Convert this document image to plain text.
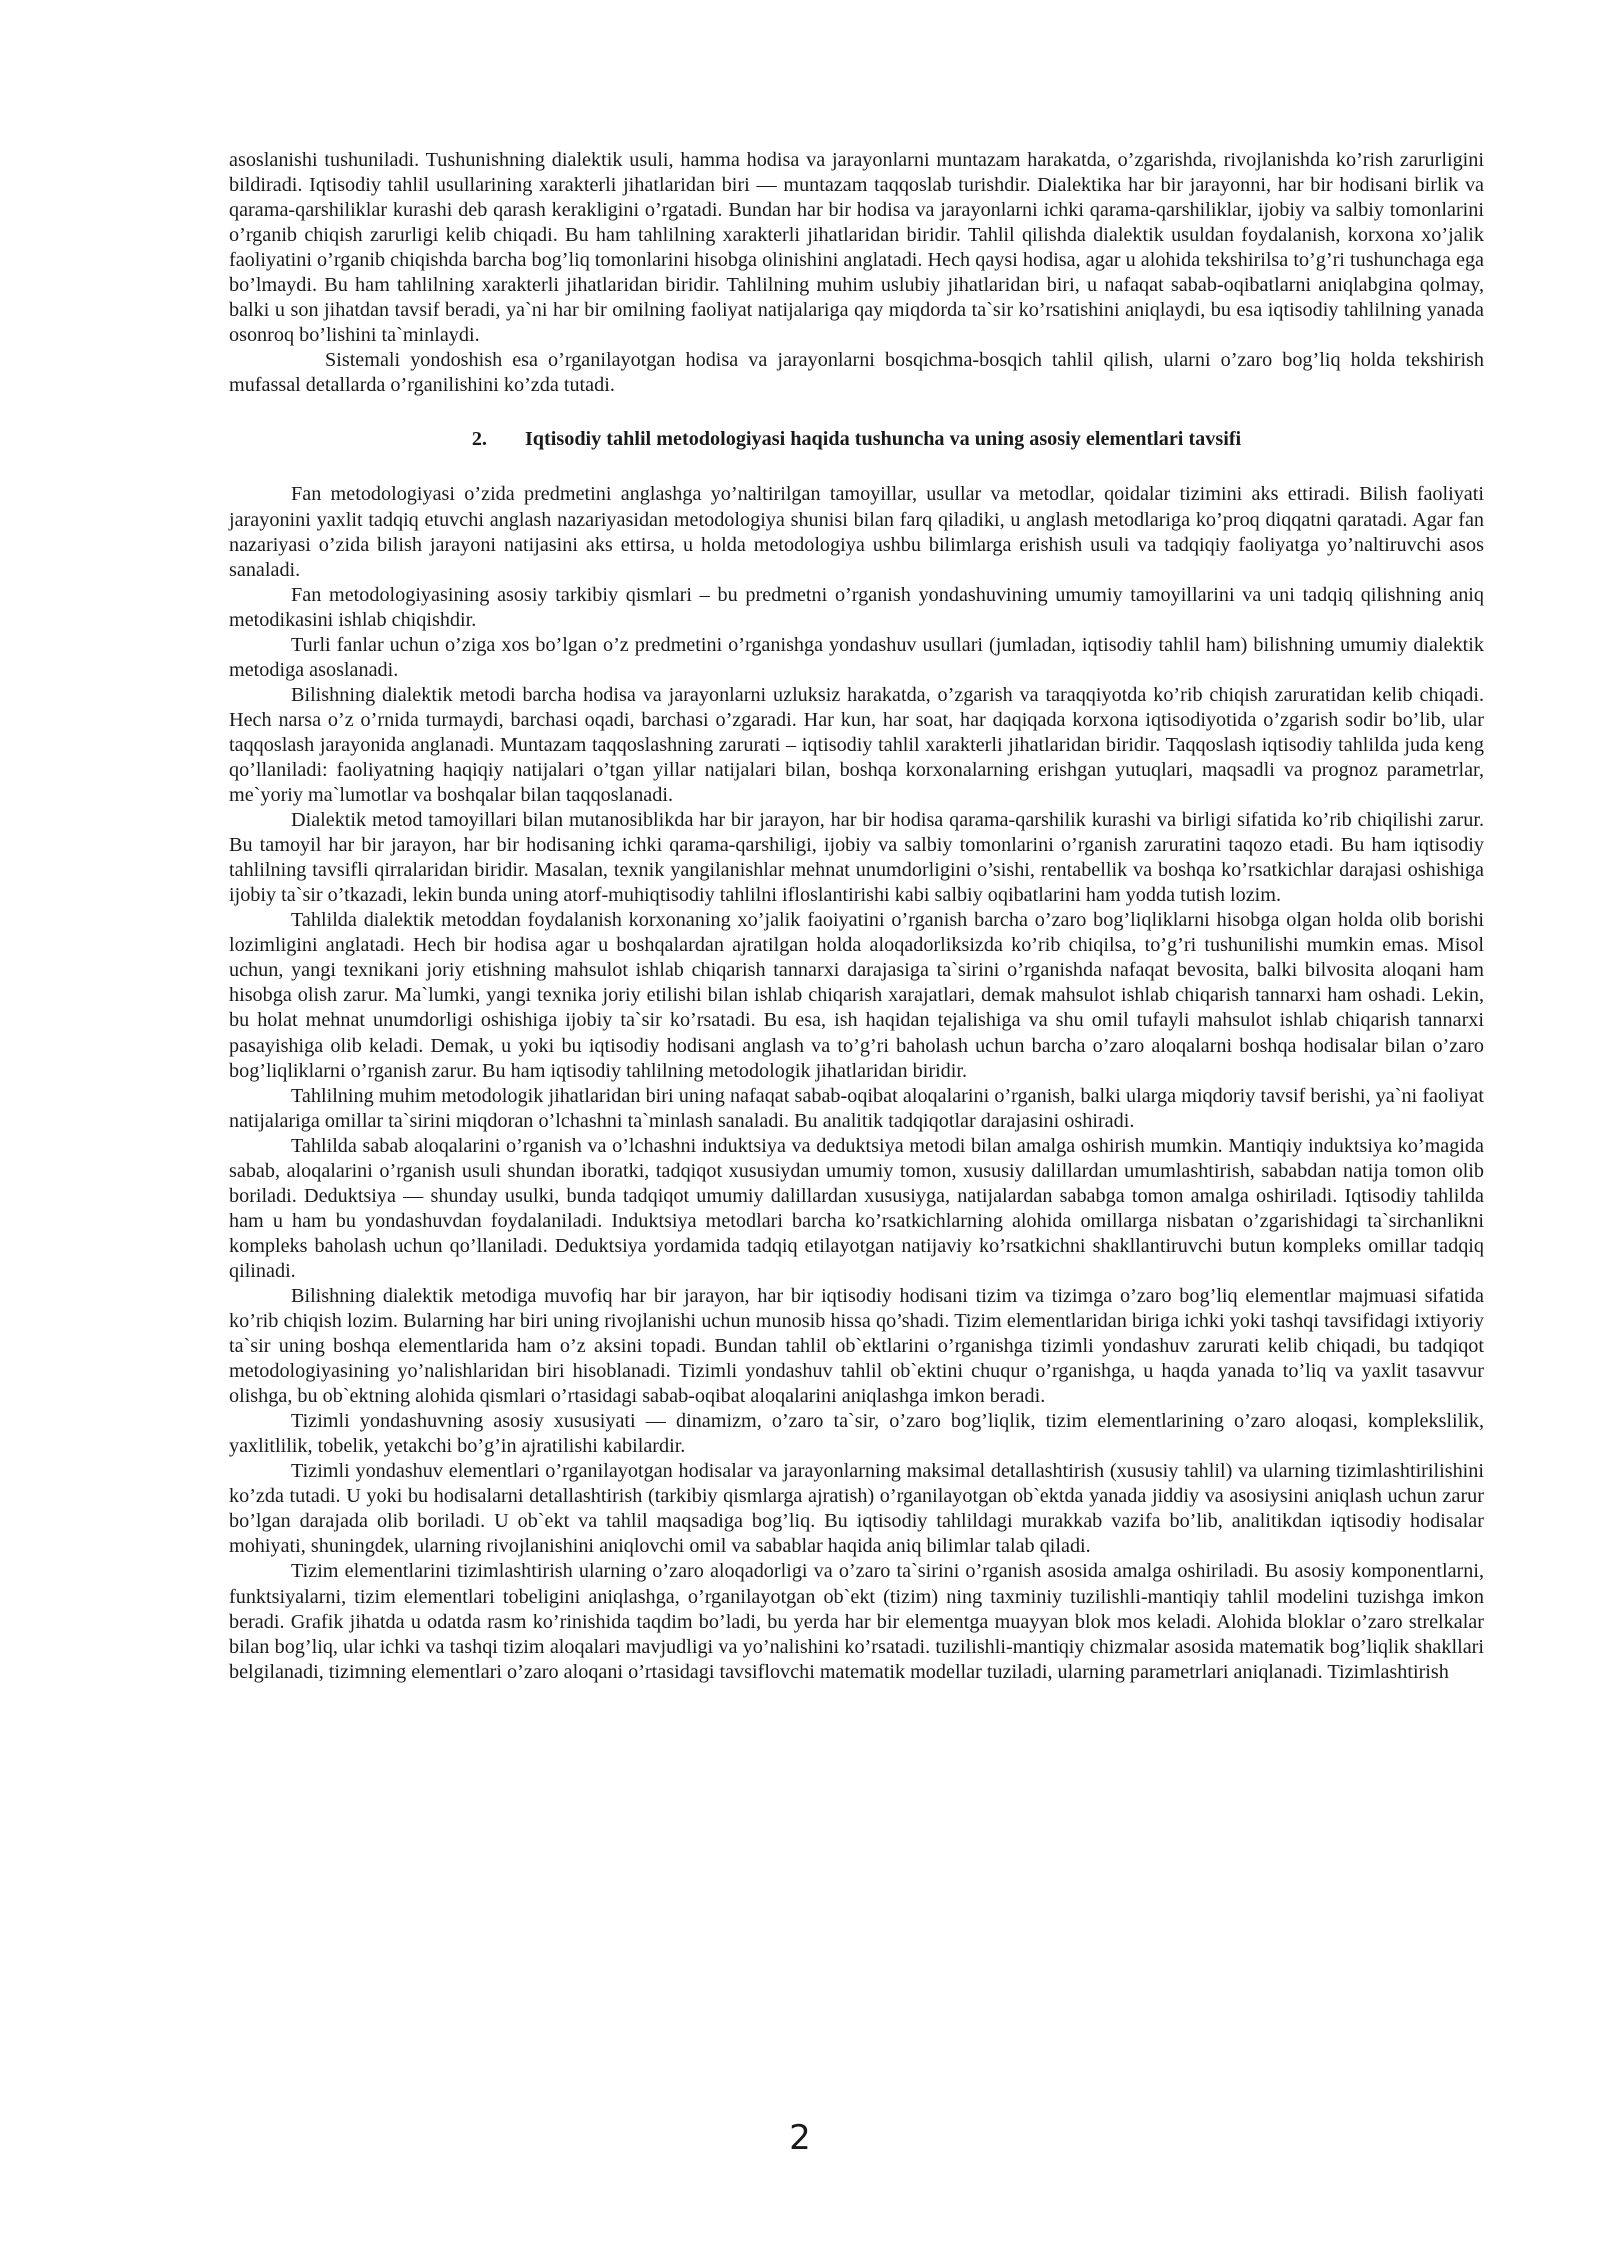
asoslanishi tushuniladi. Tushunishning dialektik usuli, hamma hodisa va jarayonlarni muntazam harakatda, o’zgarishda, rivojlanishda ko’rish zarurligini bildiradi. Iqtisodiy tahlil usullarining xarakterli jihatlaridan biri — muntazam taqqoslab turishdir. Dialektika har bir jarayonni, har bir hodisani birlik va qarama-qarshiliklar kurashi deb qarash kerakligini o’rgatadi. Bundan har bir hodisa va jarayonlarni ichki qarama-qarshiliklar, ijobiy va salbiy tomonlarini o’rganib chiqish zarurligi kelib chiqadi. Bu ham tahlilning xarakterli jihatlaridan biridir. Tahlil qilishda dialektik usuldan foydalanish, korxona xo’jalik faoliyatini o’rganib chiqishda barcha bog’liq tomonlarini hisobga olinishini anglatadi. Hech qaysi hodisa, agar u alohida tekshirilsa to’g’ri tushunchaga ega bo’lmaydi. Bu ham tahlilning xarakterli jihatlaridan biridir. Tahlilning muhim uslubiy jihatlaridan biri, u nafaqat sabab-oqibatlarni aniqlabgina qolmay, balki u son jihatdan tavsif beradi, ya`ni har bir omilning faoliyat natijalariga qay miqdorda ta`sir ko’rsatishini aniqlaydi, bu esa iqtisodiy tahlilning yanada osonroq bo’lishini ta`minlaydi.

Sistemali yondoshish esa o’rganilayotgan hodisa va jarayonlarni bosqichma-bosqich tahlil qilish, ularni o’zaro bog’liq holda tekshirish mufassal detallarda o’rganilishini ko’zda tutadi.

2. Iqtisodiy tahlil metodologiyasi haqida tushuncha va uning asosiy elementlari tavsifi

Fan metodologiyasi o’zida predmetini anglashga yo’naltirilgan tamoyillar, usullar va metodlar, qoidalar tizimini aks ettiradi. Bilish faoliyati jarayonini yaxlit tadqiq etuvchi anglash nazariyasidan metodologiya shunisi bilan farq qiladiki, u anglash metodlariga ko’proq diqqatni qaratadi. Agar fan nazariyasi o’zida bilish jarayoni natijasini aks ettirsa, u holda metodologiya ushbu bilimlarga erishish usuli va tadqiqiy faoliyatga yo’naltiruvchi asos sanaladi.

Fan metodologiyasining asosiy tarkibiy qismlari – bu predmetni o’rganish yondashuvining umumiy tamoyillarini va uni tadqiq qilishning aniq metodikasini ishlab chiqishdir.

Turli fanlar uchun o’ziga xos bo’lgan o’z predmetini o’rganishga yondashuv usullari (jumladan, iqtisodiy tahlil ham) bilishning umumiy dialektik metodiga asoslanadi.

Bilishning dialektik metodi barcha hodisa va jarayonlarni uzluksiz harakatda, o’zgarish va taraqqiyotda ko’rib chiqish zaruratidan kelib chiqadi. Hech narsa o’z o’rnida turmaydi, barchasi oqadi, barchasi o’zgaradi. Har kun, har soat, har daqiqada korxona iqtisodiyotida o’zgarish sodir bo’lib, ular taqqoslash jarayonida anglanadi. Muntazam taqqoslashning zarurati – iqtisodiy tahlil xarakterli jihatlaridan biridir. Taqqoslash iqtisodiy tahlilda juda keng qo’llaniladi: faoliyatning haqiqiy natijalari o’tgan yillar natijalari bilan, boshqa korxonalarning erishgan yutuqlari, maqsadli va prognoz parametrlar, me`yoriy ma`lumotlar va boshqalar bilan taqqoslanadi.

Dialektik metod tamoyillari bilan mutanosiblikda har bir jarayon, har bir hodisa qarama-qarshilik kurashi va birligi sifatida ko’rib chiqilishi zarur. Bu tamoyil har bir jarayon, har bir hodisaning ichki qarama-qarshiligi, ijobiy va salbiy tomonlarini o’rganish zaruratini taqozo etadi. Bu ham iqtisodiy tahlilning tavsifli qirralaridan biridir. Masalan, texnik yangilanishlar mehnat unumdorligini o’sishi, rentabellik va boshqa ko’rsatkichlar darajasi oshishiga ijobiy ta`sir o’tkazadi, lekin bunda uning atorf-muhiqtisodiy tahlilni ifloslantirishi kabi salbiy oqibatlarini ham yodda tutish lozim.

Tahlilda dialektik metoddan foydalanish korxonaning xo’jalik faoiyatini o’rganish barcha o’zaro bog’liqliklarni hisobga olgan holda olib borishi lozimligini anglatadi. Hech bir hodisa agar u boshqalardan ajratilgan holda aloqadorliksizda ko’rib chiqilsa, to’g’ri tushunilishi mumkin emas. Misol uchun, yangi texnikani joriy etishning mahsulot ishlab chiqarish tannarxi darajasiga ta`sirini o’rganishda nafaqat bevosita, balki bilvosita aloqani ham hisobga olish zarur. Ma`lumki, yangi texnika joriy etilishi bilan ishlab chiqarish xarajatlari, demak mahsulot ishlab chiqarish tannarxi ham oshadi. Lekin, bu holat mehnat unumdorligi oshishiga ijobiy ta`sir ko’rsatadi. Bu esa, ish haqidan tejalishiga va shu omil tufayli mahsulot ishlab chiqarish tannarxi pasayishiga olib keladi. Demak, u yoki bu iqtisodiy hodisani anglash va to’g’ri baholash uchun barcha o’zaro aloqalarni boshqa hodisalar bilan o’zaro bog’liqliklarni o’rganish zarur. Bu ham iqtisodiy tahlilning metodologik jihatlaridan biridir.

Tahlilning muhim metodologik jihatlaridan biri uning nafaqat sabab-oqibat aloqalarini o’rganish, balki ularga miqdoriy tavsif berishi, ya`ni faoliyat natijalariga omillar ta`sirini miqdoran o’lchashni ta`minlash sanaladi. Bu analitik tadqiqotlar darajasini oshiradi.

Tahlilda sabab aloqalarini o’rganish va o’lchashni induktsiya va deduktsiya metodi bilan amalga oshirish mumkin. Mantiqiy induktsiya ko’magida sabab, aloqalarini o’rganish usuli shundan iboratki, tadqiqot xususiydan umumiy tomon, xususiy dalillardan umumlashtirish, sababdan natija tomon olib boriladi. Deduktsiya — shunday usulki, bunda tadqiqot umumiy dalillardan xususiyga, natijalardan sababga tomon amalga oshiriladi. Iqtisodiy tahlilda ham u ham bu yondashuvdan foydalaniladi. Induktsiya metodlari barcha ko’rsatkichlarning alohida omillarga nisbatan o’zgarishidagi ta`sirchanlikni kompleks baholash uchun qo’llaniladi. Deduktsiya yordamida tadqiq etilayotgan natijaviy ko’rsatkichni shakllantiruvchi butun kompleks omillar tadqiq qilinadi.

Bilishning dialektik metodiga muvofiq har bir jarayon, har bir iqtisodiy hodisani tizim va tizimga o’zaro bog’liq elementlar majmuasi sifatida ko’rib chiqish lozim. Bularning har biri uning rivojlanishi uchun munosib hissa qo’shadi. Tizim elementlaridan biriga ichki yoki tashqi tavsifidagi ixtiyoriy ta`sir uning boshqa elementlarida ham o’z aksini topadi. Bundan tahlil ob`ektlarini o’rganishga tizimli yondashuv zarurati kelib chiqadi, bu tadqiqot metodologiyasining yo’nalishlaridan biri hisoblanadi. Tizimli yondashuv tahlil ob`ektini chuqur o’rganishga, u haqda yanada to’liq va yaxlit tasavvur olishga, bu ob`ektning alohida qismlari o’rtasidagi sabab-oqibat aloqalarini aniqlashga imkon beradi.

Tizimli yondashuvning asosiy xususiyati — dinamizm, o’zaro ta`sir, o’zaro bog’liqlik, tizim elementlarining o’zaro aloqasi, komplekslilik, yaxlitlilik, tobelik, yetakchi bo’g’in ajratilishi kabilardir.

Tizimli yondashuv elementlari o’rganilayotgan hodisalar va jarayonlarning maksimal detallashtirish (xususiy tahlil) va ularning tizimlashtirilishini ko’zda tutadi. U yoki bu hodisalarni detallashtirish (tarkibiy qismlarga ajratish) o’rganilayotgan ob`ektda yanada jiddiy va asosiysini aniqlash uchun zarur bo’lgan darajada olib boriladi. U ob`ekt va tahlil maqsadiga bog’liq. Bu iqtisodiy tahlildagi murakkab vazifa bo’lib, analitikdan iqtisodiy hodisalar mohiyati, shuningdek, ularning rivojlanishini aniqlovchi omil va sabablar haqida aniq bilimlar talab qiladi.

Tizim elementlarini tizimlashtirish ularning o’zaro aloqadorligi va o’zaro ta`sirini o’rganish asosida amalga oshiriladi. Bu asosiy komponentlarni, funktsiyalarni, tizim elementlari tobeligini aniqlashga, o’rganilayotgan ob`ekt (tizim) ning taxminiy tuzilishli-mantiqiy tahlil modelini tuzishga imkon beradi. Grafik jihatda u odatda rasm ko’rinishida taqdim bo’ladi, bu yerda har bir elementga muayyan blok mos keladi. Alohida bloklar o’zaro strelkalar bilan bog’liq, ular ichki va tashqi tizim aloqalari mavjudligi va yo’nalishini ko’rsatadi. tuzilishli-mantiqiy chizmalar asosida matematik bog’liqlik shakllari belgilanadi, tizimning elementlari o’zaro aloqani o’rtasidagi tavsiflovchi matematik modellar tuziladi, ularning parametrlari aniqlanadi. Tizimlashtirish

2
